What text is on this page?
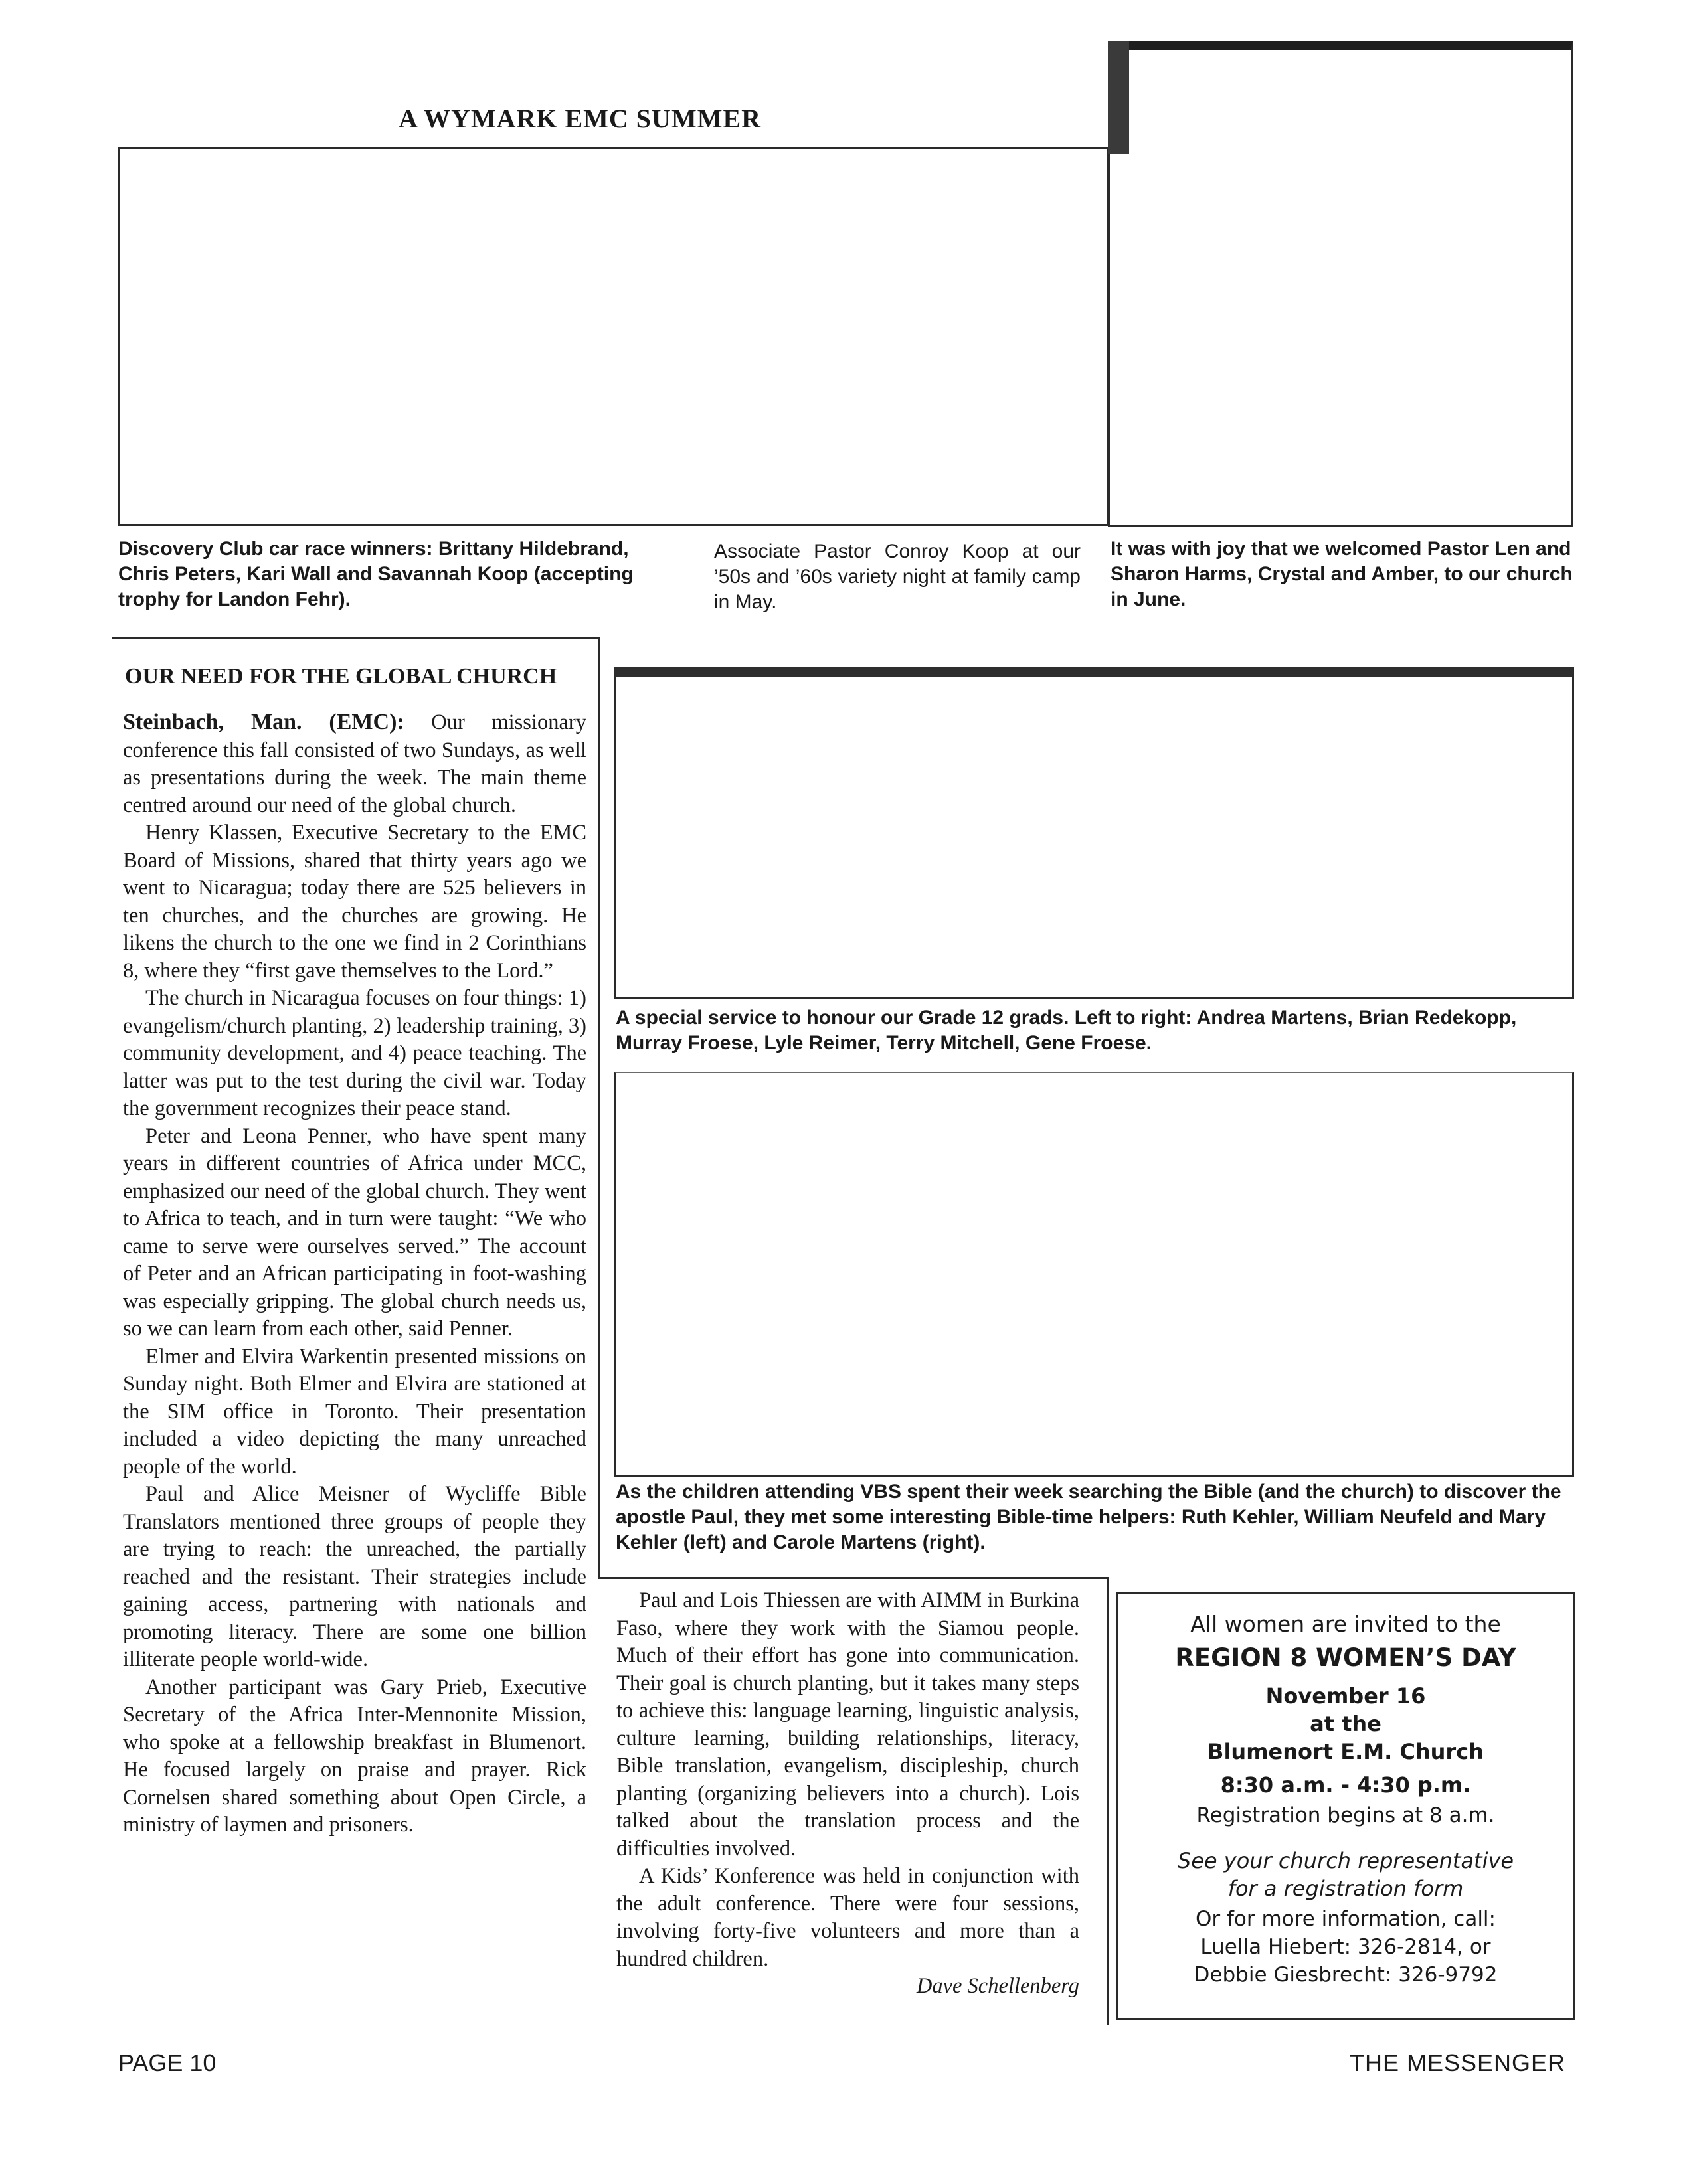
A WYMARK EMC SUMMER

Discovery Club car race winners: Brittany Hildebrand, Chris Peters, Kari Wall and Savannah Koop (accepting trophy for Landon Fehr).

Associate Pastor Conroy Koop at our ’50s and ’60s variety night at family camp in May.

It was with joy that we welcomed Pastor Len and Sharon Harms, Crystal and Amber, to our church in June.

OUR NEED FOR THE GLOBAL CHURCH

Steinbach, Man. (EMC): Our missionary conference this fall consisted of two Sundays, as well as presentations during the week. The main theme centred around our need of the global church.

Henry Klassen, Executive Secretary to the EMC Board of Missions, shared that thirty years ago we went to Nicaragua; today there are 525 believers in ten churches, and the churches are growing. He likens the church to the one we find in 2 Corinthians 8, where they “first gave themselves to the Lord.”

The church in Nicaragua focuses on four things: 1) evangelism/church planting, 2) leadership training, 3) community development, and 4) peace teaching. The latter was put to the test during the civil war. Today the government recognizes their peace stand.

Peter and Leona Penner, who have spent many years in different countries of Africa under MCC, emphasized our need of the global church. They went to Africa to teach, and in turn were taught: “We who came to serve were ourselves served.” The account of Peter and an African participating in foot-washing was especially gripping. The global church needs us, so we can learn from each other, said Penner.

Elmer and Elvira Warkentin presented missions on Sunday night. Both Elmer and Elvira are stationed at the SIM office in Toronto. Their presentation included a video depicting the many unreached people of the world.

Paul and Alice Meisner of Wycliffe Bible Translators mentioned three groups of people they are trying to reach: the unreached, the partially reached and the resistant. Their strategies include gaining access, partnering with nationals and promoting literacy. There are some one billion illiterate people world-wide.

Another participant was Gary Prieb, Executive Secretary of the Africa Inter-Mennonite Mission, who spoke at a fellowship breakfast in Blumenort. He focused largely on praise and prayer. Rick Cornelsen shared something about Open Circle, a ministry of laymen and prisoners.

A special service to honour our Grade 12 grads. Left to right: Andrea Martens, Brian Redekopp, Murray Froese, Lyle Reimer, Terry Mitchell, Gene Froese.

As the children attending VBS spent their week searching the Bible (and the church) to discover the apostle Paul, they met some interesting Bible-time helpers: Ruth Kehler, William Neufeld and Mary Kehler (left) and Carole Martens (right).

Paul and Lois Thiessen are with AIMM in Burkina Faso, where they work with the Siamou people. Much of their effort has gone into communication. Their goal is church planting, but it takes many steps to achieve this: language learning, linguistic analysis, culture learning, building relationships, literacy, Bible translation, evangelism, discipleship, church planting (organizing believers into a church). Lois talked about the translation process and the difficulties involved.

A Kids’ Konference was held in conjunction with the adult conference. There were four sessions, involving forty-five volunteers and more than a hundred children.

Dave Schellenberg

All women are invited to the

REGION 8 WOMEN’S DAY

November 16

at the

Blumenort E.M. Church

8:30 a.m. - 4:30 p.m.

Registration begins at 8 a.m.

See your church representative

for a registration form

Or for more information, call:

Luella Hiebert: 326-2814, or

Debbie Giesbrecht: 326-9792

PAGE 10	THE MESSENGER
